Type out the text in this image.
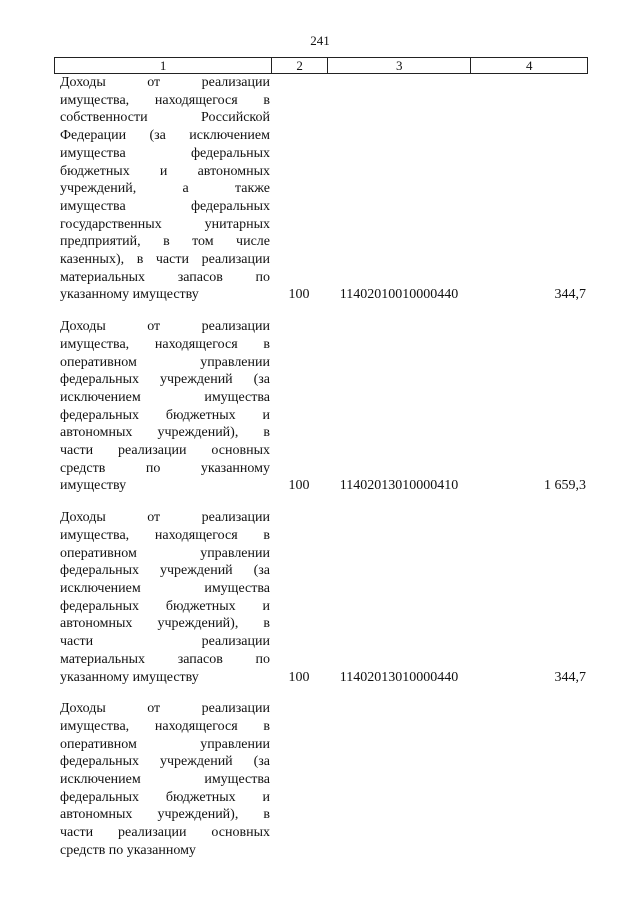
241
1	2	3	4
Доходы	от	реализации
имущества, находящегося в
собственности	Российской
Федерации (за исключением
имущества	федеральных
бюджетных и автономных
учреждений,	а	также
имущества	федеральных
государственных	унитарных
предприятий, в том числе
казенных), в части реализации
материальных запасов по
указанному имуществу	100	11402010010000440	344,7
Доходы	от	реализации
имущества, находящегося в
оперативном	управлении
федеральных учреждений (за
исключением	имущества
федеральных бюджетных и
автономных учреждений), в
части реализации основных
средств	по	указанному
имуществу	100	11402013010000410	1 659,3
Доходы	от	реализации
имущества, находящегося в
оперативном	управлении
федеральных учреждений (за
исключением	имущества
федеральных бюджетных и
автономных учреждений), в
части	реализации
материальных запасов по
указанному имуществу	100	11402013010000440	344,7
Доходы	от	реализации
имущества, находящегося в
оперативном	управлении
федеральных учреждений (за
исключением	имущества
федеральных бюджетных и
автономных учреждений), в
части реализации основных
средств по указанному
